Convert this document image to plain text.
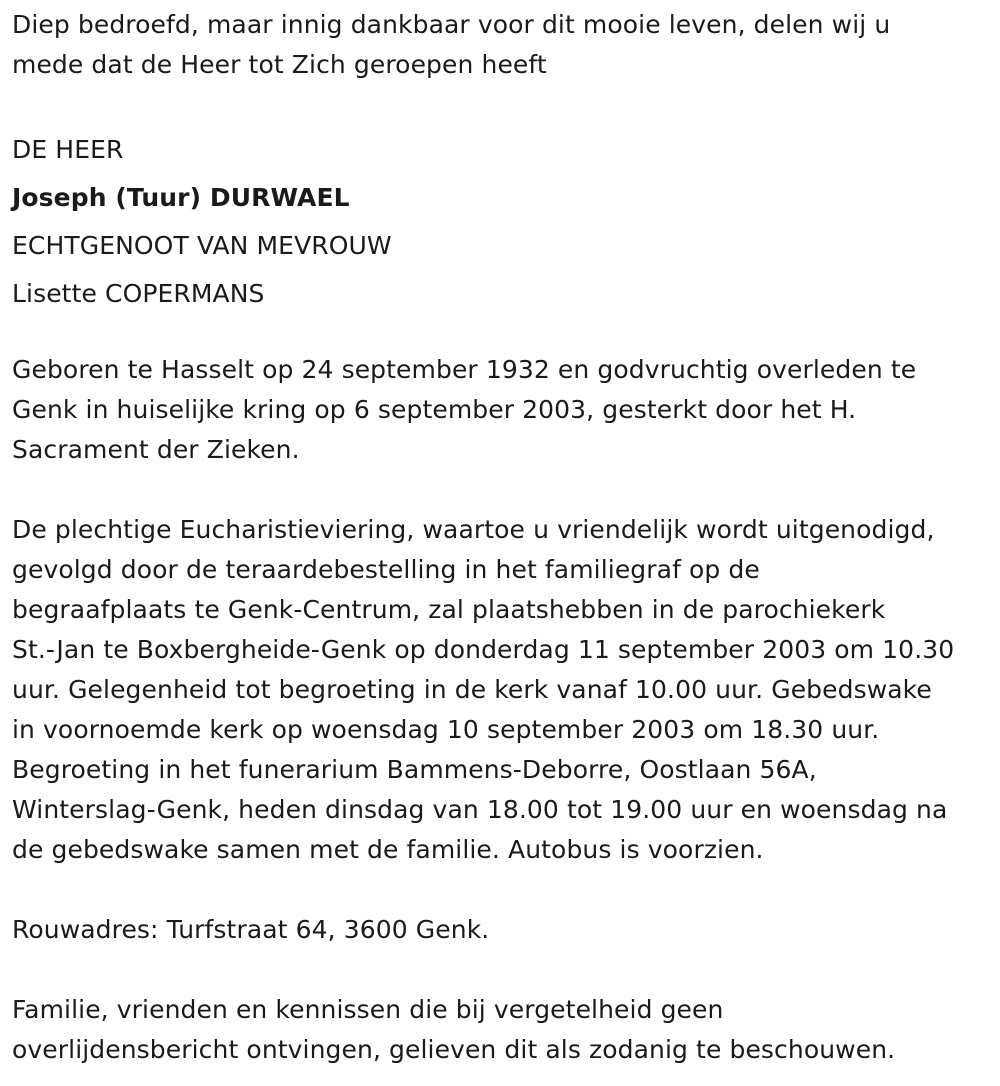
Diep bedroefd, maar innig dankbaar voor dit mooie leven, delen wij u
mede dat de Heer tot Zich geroepen heeft
DE HEER
Joseph (Tuur) DURWAEL
ECHTGENOOT VAN MEVROUW
Lisette COPERMANS
Geboren te Hasselt op 24 september 1932 en godvruchtig overleden te
Genk in huiselijke kring op 6 september 2003, gesterkt door het H.
Sacrament der Zieken.
De plechtige Eucharistieviering, waartoe u vriendelijk wordt uitgenodigd,
gevolgd door de teraardebestelling in het familiegraf op de
begraafplaats te Genk-Centrum, zal plaatshebben in de parochiekerk
St.-Jan te Boxbergheide-Genk op donderdag 11 september 2003 om 10.30
uur. Gelegenheid tot begroeting in de kerk vanaf 10.00 uur. Gebedswake
in voornoemde kerk op woensdag 10 september 2003 om 18.30 uur.
Begroeting in het funerarium Bammens-Deborre, Oostlaan 56A,
Winterslag-Genk, heden dinsdag van 18.00 tot 19.00 uur en woensdag na
de gebedswake samen met de familie. Autobus is voorzien.
Rouwadres: Turfstraat 64, 3600 Genk.
Familie, vrienden en kennissen die bij vergetelheid geen
overlijdensbericht ontvingen, gelieven dit als zodanig te beschouwen.
